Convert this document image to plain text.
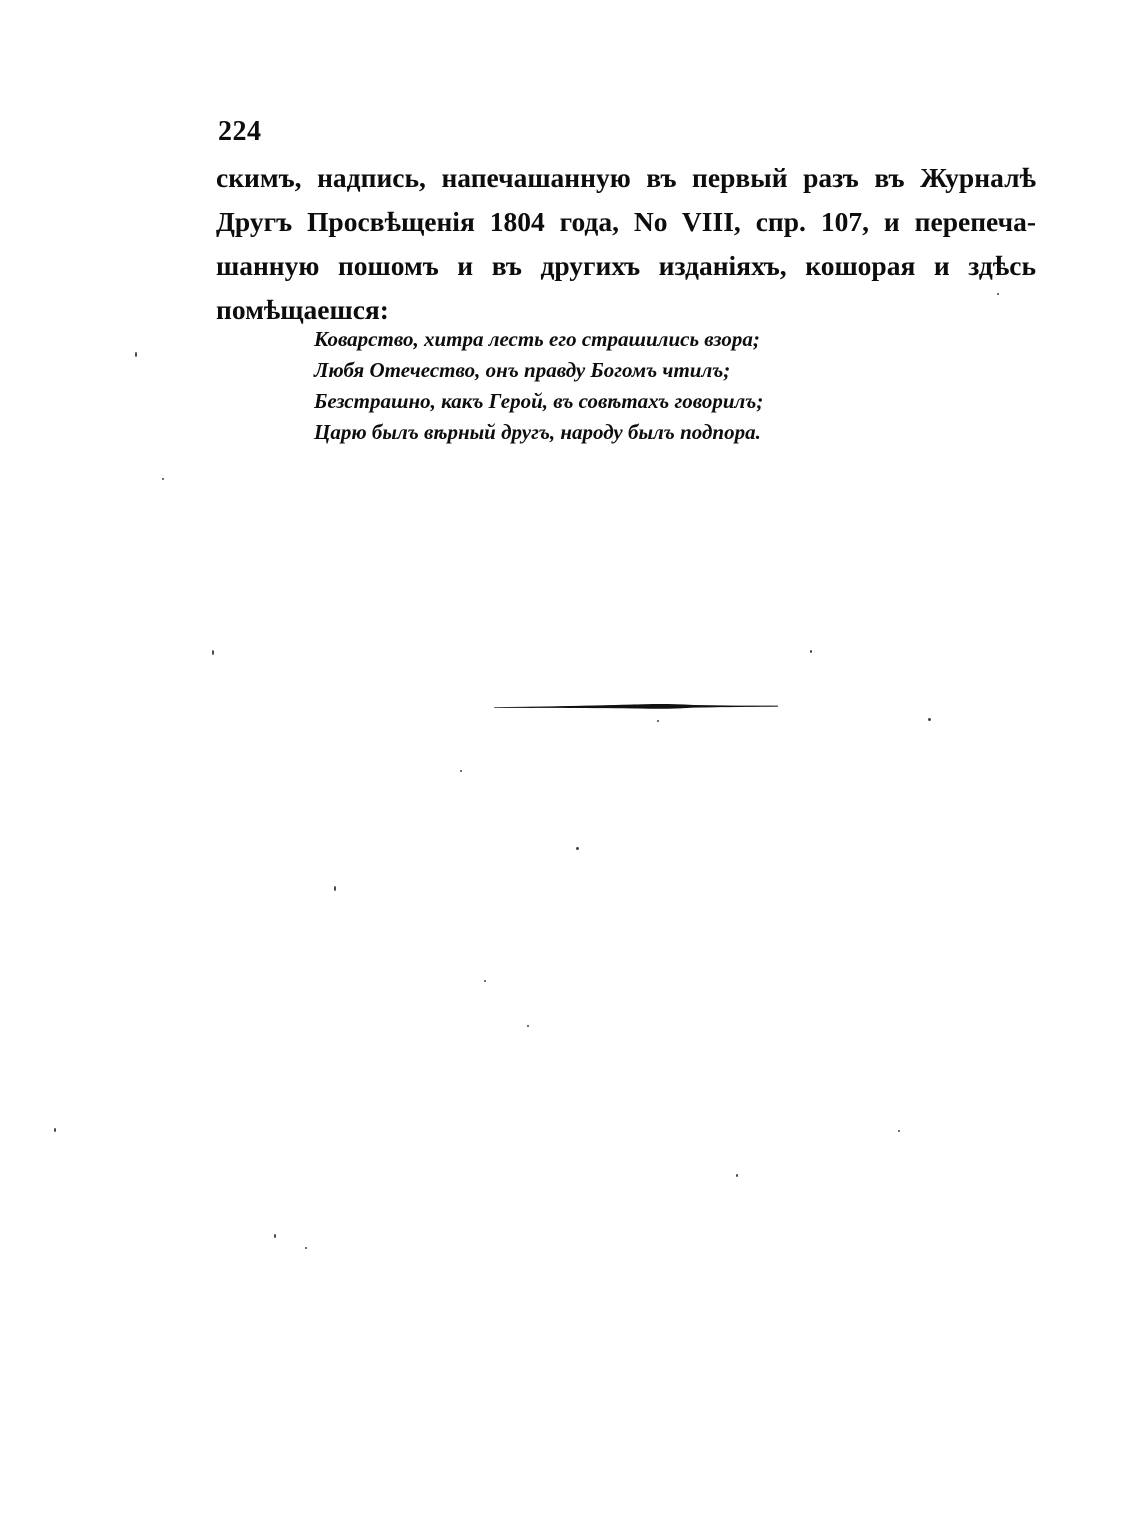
224
скимъ, надпись, напечашанную въ первый разъ въ Журналѣ
Другъ Просвѣщенія 1804 года, No VIII, спр. 107, и перепеча-
шанную пошомъ и въ другихъ изданіяхъ, кошорая и здѣсь
помѣщаешся:
Коварство, хитра лесть его страшились взора;
Любя Отечество, онъ правду Богомъ чтилъ;
Безстрашно, какъ Герой, въ совѣтахъ говорилъ;
Царю былъ вѣрный другъ, народу былъ подпора.
